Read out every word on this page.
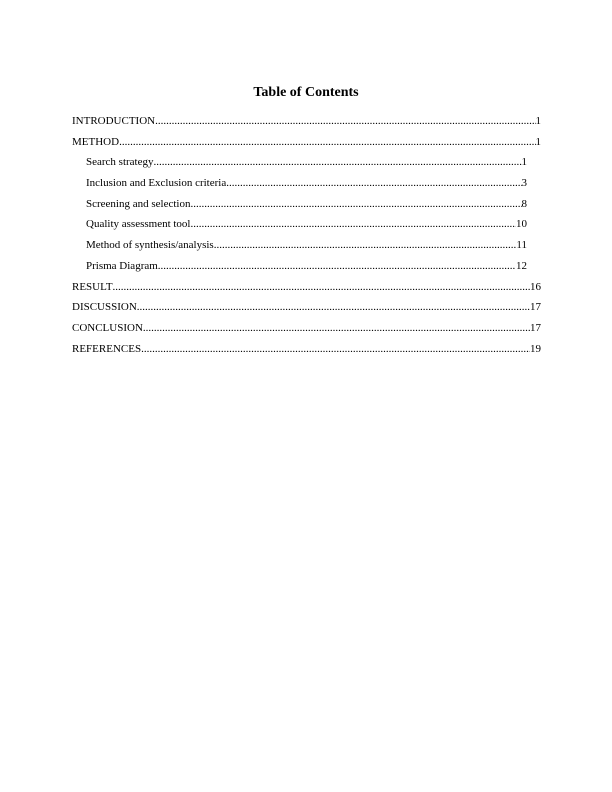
Table of Contents
INTRODUCTION .....	1
METHOD .....	1
Search strategy .....	1
Inclusion and Exclusion criteria .....	3
Screening and selection .....	8
Quality assessment tool .....	10
Method of synthesis/analysis .....	11
Prisma Diagram .....	12
RESULT .....	16
DISCUSSION .....	17
CONCLUSION .....	17
REFERENCES .....	19
